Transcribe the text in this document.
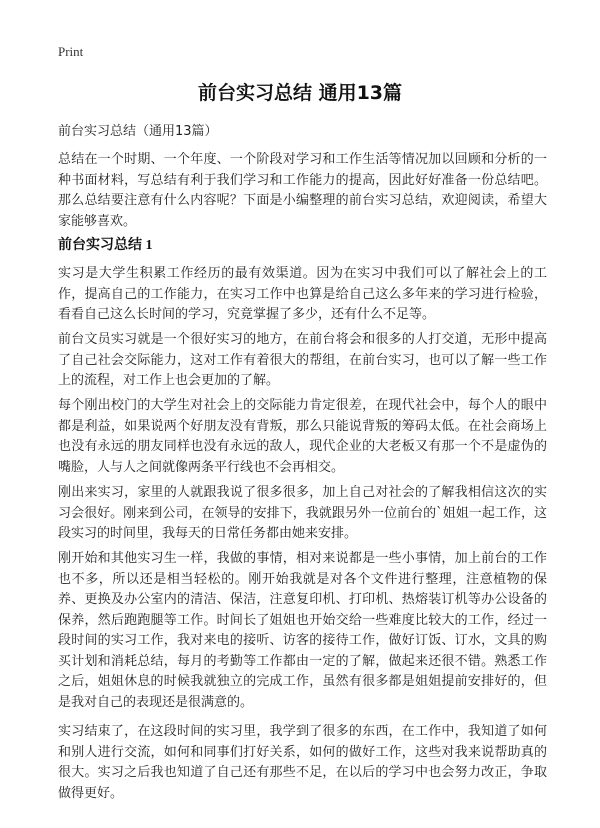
Print
前台实习总结 通用13篇

前台实习总结（通用13篇）

总结在一个时期、一个年度、一个阶段对学习和工作生活等情况加以回顾和分析的一种书面材料，写总结有利于我们学习和工作能力的提高，因此好好准备一份总结吧。那么总结要注意有什么内容呢？下面是小编整理的前台实习总结，欢迎阅读，希望大家能够喜欢。

前台实习总结 1

实习是大学生积累工作经历的最有效渠道。因为在实习中我们可以了解社会上的工作，提高自己的工作能力，在实习工作中也算是给自己这么多年来的学习进行检验，看看自己这么长时间的学习，究竟掌握了多少，还有什么不足等。

前台文员实习就是一个很好实习的地方，在前台将会和很多的人打交道，无形中提高了自己社会交际能力，这对工作有着很大的帮组，在前台实习，也可以了解一些工作上的流程，对工作上也会更加的了解。

每个刚出校门的大学生对社会上的交际能力肯定很差，在现代社会中，每个人的眼中都是利益，如果说两个好朋友没有背叛，那么只能说背叛的筹码太低。在社会商场上也没有永远的朋友同样也没有永远的敌人，现代企业的大老板又有那一个不是虚伪的嘴脸，人与人之间就像两条平行线也不会再相交。

刚出来实习，家里的人就跟我说了很多很多，加上自己对社会的了解我相信这次的实习会很好。刚来到公司，在领导的安排下，我就跟另外一位前台的`姐姐一起工作，这段实习的时间里，我每天的日常任务都由她来安排。

刚开始和其他实习生一样，我做的事情，相对来说都是一些小事情，加上前台的工作也不多，所以还是相当轻松的。刚开始我就是对各个文件进行整理，注意植物的保养、更换及办公室内的清洁、保洁，注意复印机、打印机、热熔装订机等办公设备的保养，然后跑跑腿等工作。时间长了姐姐也开始交给一些难度比较大的工作，经过一段时间的实习工作，我对来电的接听、访客的接待工作，做好订饭、订水，文具的购买计划和消耗总结，每月的考勤等工作都由一定的了解，做起来还很不错。熟悉工作之后，姐姐休息的时候我就独立的完成工作，虽然有很多都是姐姐提前安排好的，但是我对自己的表现还是很满意的。

实习结束了，在这段时间的实习里，我学到了很多的东西，在工作中，我知道了如何和别人进行交流，如何和同事们打好关系，如何的做好工作，这些对我来说帮助真的很大。实习之后我也知道了自己还有那些不足，在以后的学习中也会努力改正，争取做得更好。
